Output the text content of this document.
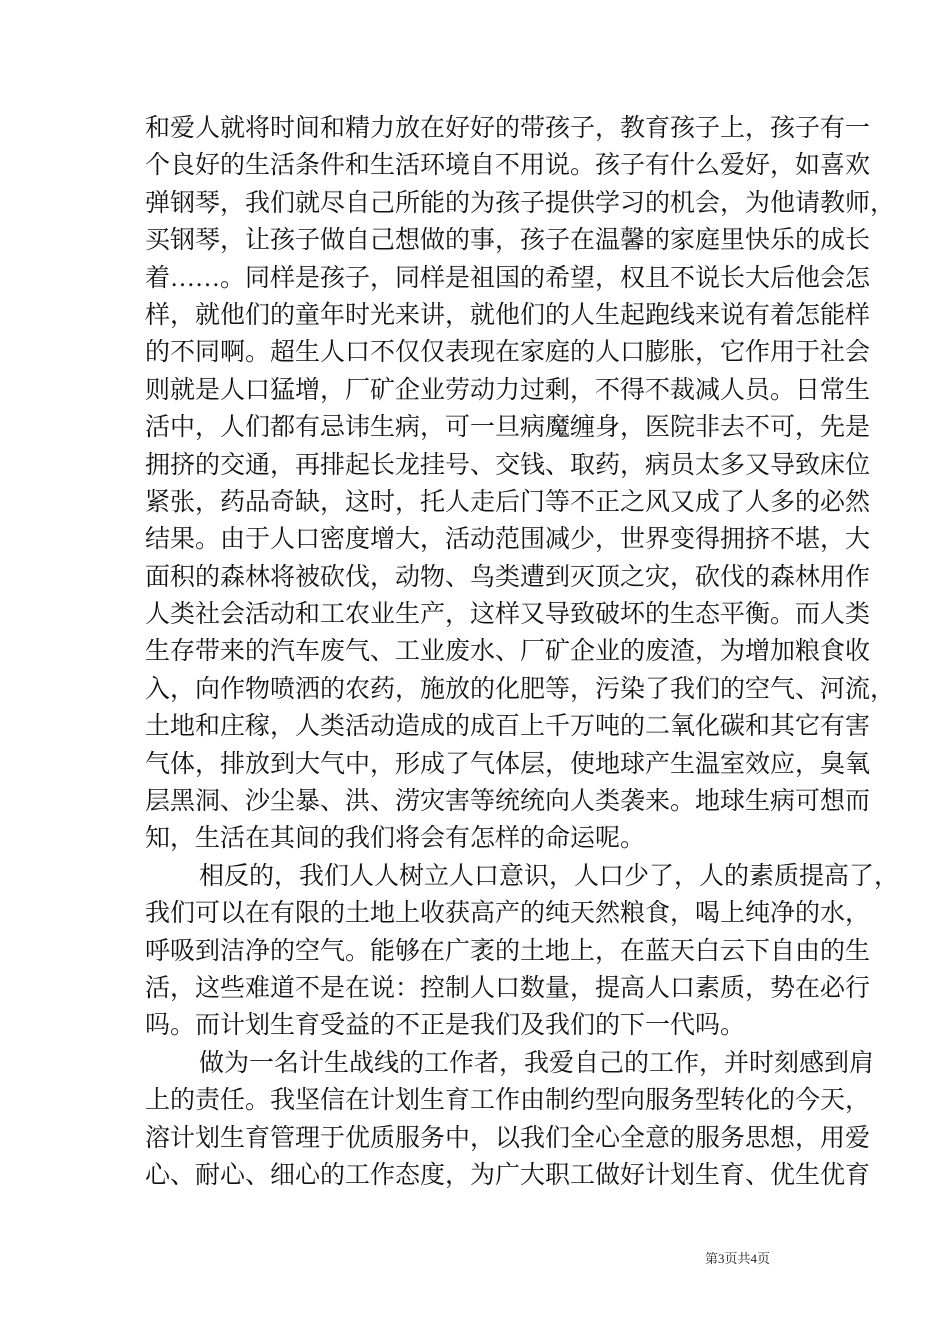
和爱人就将时间和精力放在好好的带孩子，教育孩子上，孩子有一
个良好的生活条件和生活环境自不用说。孩子有什么爱好，如喜欢
弹钢琴，我们就尽自己所能的为孩子提供学习的机会，为他请教师，
买钢琴，让孩子做自己想做的事，孩子在温馨的家庭里快乐的成长
着……。同样是孩子，同样是祖国的希望，权且不说长大后他会怎
样，就他们的童年时光来讲，就他们的人生起跑线来说有着怎能样
的不同啊。超生人口不仅仅表现在家庭的人口膨胀，它作用于社会
则就是人口猛增，厂矿企业劳动力过剩，不得不裁减人员。日常生
活中，人们都有忌讳生病，可一旦病魔缠身，医院非去不可，先是
拥挤的交通，再排起长龙挂号、交钱、取药，病员太多又导致床位
紧张，药品奇缺，这时，托人走后门等不正之风又成了人多的必然
结果。由于人口密度增大，活动范围减少，世界变得拥挤不堪，大
面积的森林将被砍伐，动物、鸟类遭到灭顶之灾，砍伐的森林用作
人类社会活动和工农业生产，这样又导致破坏的生态平衡。而人类
生存带来的汽车废气、工业废水、厂矿企业的废渣，为增加粮食收
入，向作物喷洒的农药，施放的化肥等，污染了我们的空气、河流，
土地和庄稼，人类活动造成的成百上千万吨的二氧化碳和其它有害
气体，排放到大气中，形成了气体层，使地球产生温室效应，臭氧
层黑洞、沙尘暴、洪、涝灾害等统统向人类袭来。地球生病可想而
知，生活在其间的我们将会有怎样的命运呢。
相反的，我们人人树立人口意识，人口少了，人的素质提高了，
我们可以在有限的土地上收获高产的纯天然粮食，喝上纯净的水，
呼吸到洁净的空气。能够在广袤的土地上，在蓝天白云下自由的生
活，这些难道不是在说：控制人口数量，提高人口素质，势在必行
吗。而计划生育受益的不正是我们及我们的下一代吗。
做为一名计生战线的工作者，我爱自己的工作，并时刻感到肩
上的责任。我坚信在计划生育工作由制约型向服务型转化的今天，
溶计划生育管理于优质服务中，以我们全心全意的服务思想，用爱
心、耐心、细心的工作态度，为广大职工做好计划生育、优生优育
第3页共4页
